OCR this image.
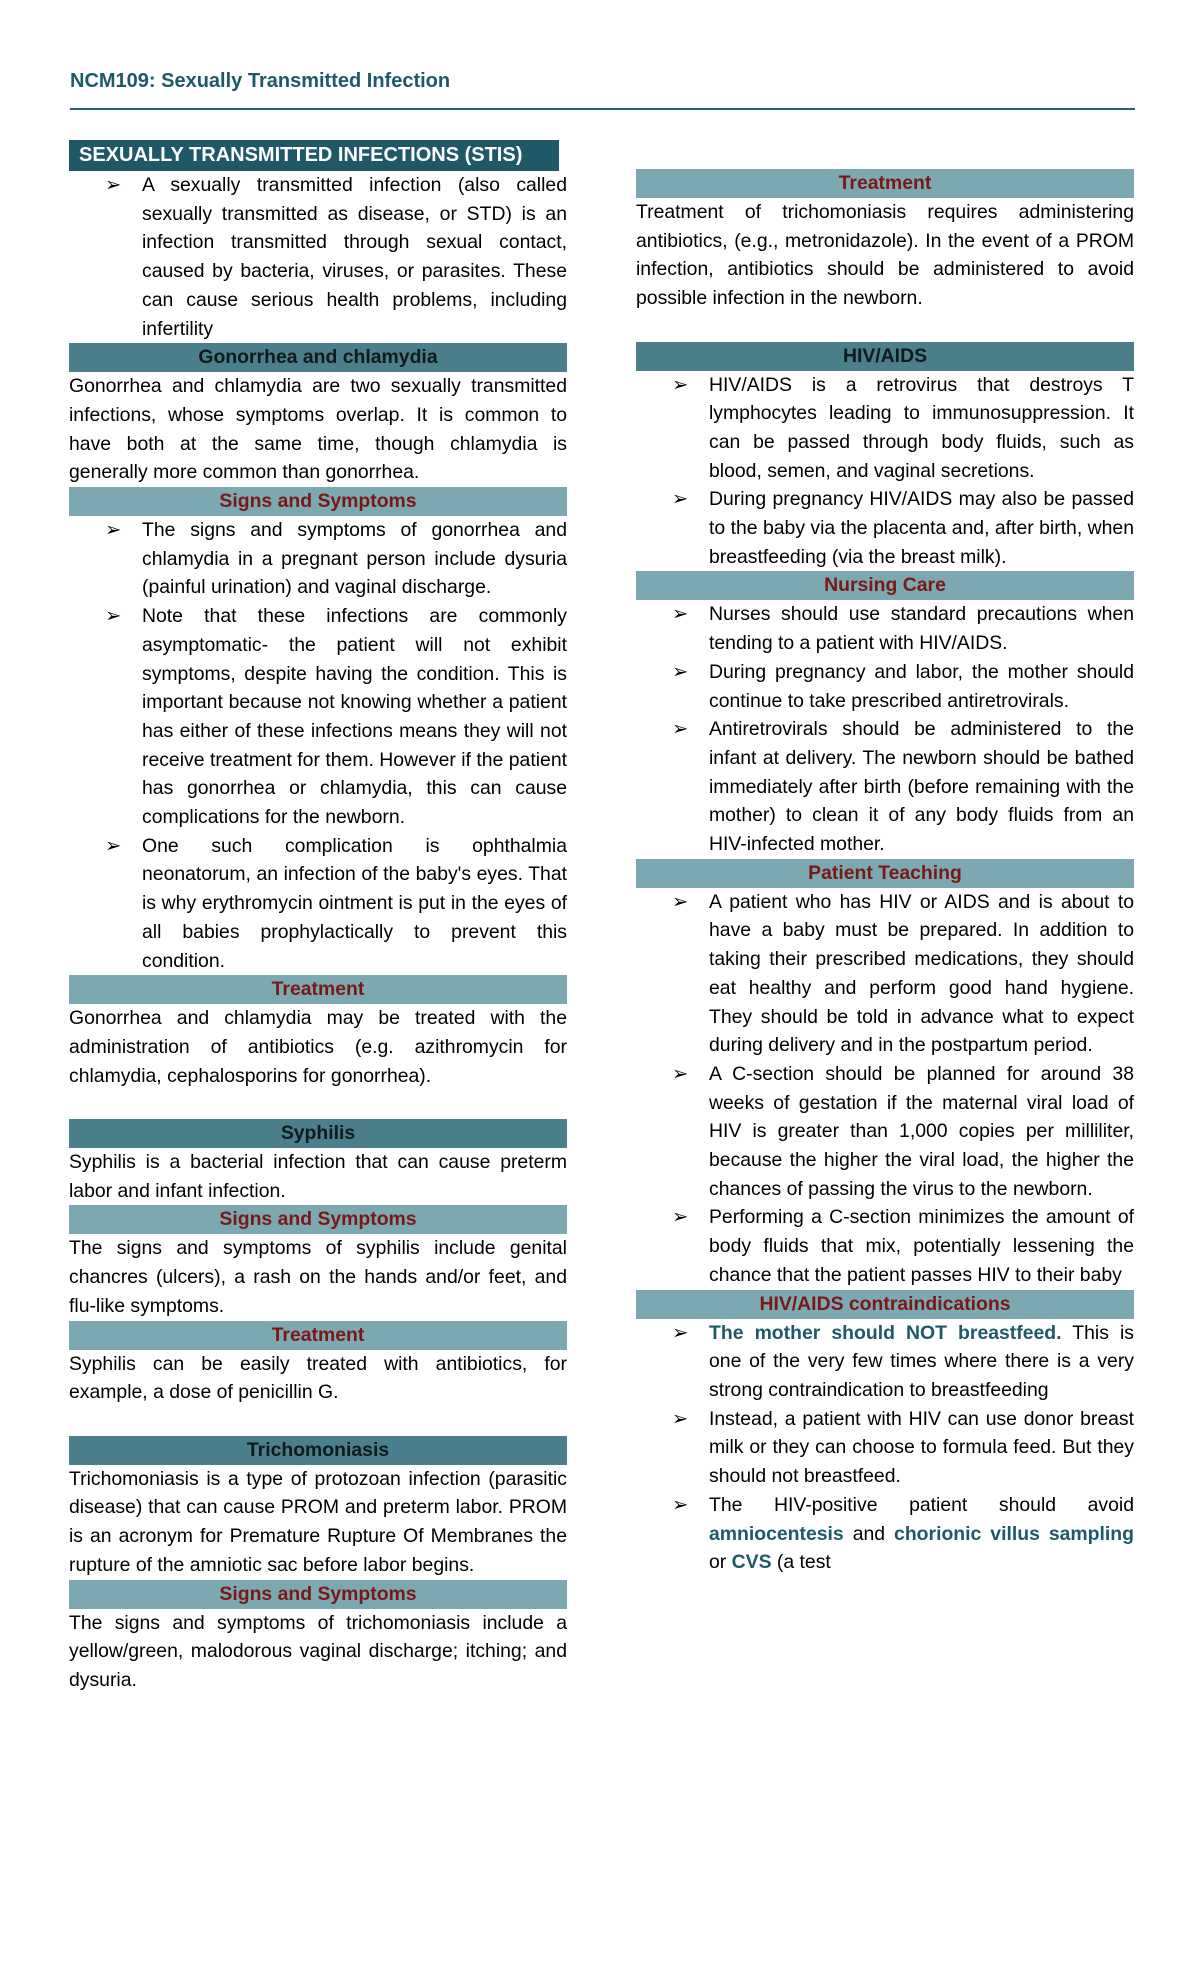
NCM109: Sexually Transmitted Infection
SEXUALLY TRANSMITTED INFECTIONS (STIS)
➢ A sexually transmitted infection (also called sexually transmitted as disease, or STD) is an infection transmitted through sexual contact, caused by bacteria, viruses, or parasites. These can cause serious health problems, including infertility
Gonorrhea and chlamydia

Gonorrhea and chlamydia are two sexually transmitted infections, whose symptoms overlap. It is common to have both at the same time, though chlamydia is generally more common than gonorrhea.

Signs and Symptoms
➢ The signs and symptoms of gonorrhea and chlamydia in a pregnant person include dysuria (painful urination) and vaginal discharge.
➢ Note that these infections are commonly asymptomatic- the patient will not exhibit symptoms, despite having the condition. This is important because not knowing whether a patient has either of these infections means they will not receive treatment for them. However if the patient has gonorrhea or chlamydia, this can cause complications for the newborn.
➢ One such complication is ophthalmia neonatorum, an infection of the baby's eyes. That is why erythromycin ointment is put in the eyes of all babies prophylactically to prevent this condition.
Treatment

Gonorrhea and chlamydia may be treated with the administration of antibiotics (e.g. azithromycin for chlamydia, cephalosporins for gonorrhea).

Syphilis

Syphilis is a bacterial infection that can cause preterm labor and infant infection.

Signs and Symptoms

The signs and symptoms of syphilis include genital chancres (ulcers), a rash on the hands and/or feet, and flu-like symptoms.

Treatment

Syphilis can be easily treated with antibiotics, for example, a dose of penicillin G.

Trichomoniasis

Trichomoniasis is a type of protozoan infection (parasitic disease) that can cause PROM and preterm labor. PROM is an acronym for Premature Rupture Of Membranes the rupture of the amniotic sac before labor begins.

Signs and Symptoms

The signs and symptoms of trichomoniasis include a yellow/green, malodorous vaginal discharge; itching; and dysuria.

Treatment

Treatment of trichomoniasis requires administering antibiotics, (e.g., metronidazole). In the event of a PROM infection, antibiotics should be administered to avoid possible infection in the newborn.

HIV/AIDS
➢ HIV/AIDS is a retrovirus that destroys T lymphocytes leading to immunosuppression. It can be passed through body fluids, such as blood, semen, and vaginal secretions.
➢ During pregnancy HIV/AIDS may also be passed to the baby via the placenta and, after birth, when breastfeeding (via the breast milk).
Nursing Care
➢ Nurses should use standard precautions when tending to a patient with HIV/AIDS.
➢ During pregnancy and labor, the mother should continue to take prescribed antiretrovirals.
➢ Antiretrovirals should be administered to the infant at delivery. The newborn should be bathed immediately after birth (before remaining with the mother) to clean it of any body fluids from an HIV-infected mother.
Patient Teaching
➢ A patient who has HIV or AIDS and is about to have a baby must be prepared. In addition to taking their prescribed medications, they should eat healthy and perform good hand hygiene. They should be told in advance what to expect during delivery and in the postpartum period.
➢ A C-section should be planned for around 38 weeks of gestation if the maternal viral load of HIV is greater than 1,000 copies per milliliter, because the higher the viral load, the higher the chances of passing the virus to the newborn.
➢ Performing a C-section minimizes the amount of body fluids that mix, potentially lessening the chance that the patient passes HIV to their baby
HIV/AIDS contraindications
➢ The mother should NOT breastfeed. This is one of the very few times where there is a very strong contraindication to breastfeeding
➢ Instead, a patient with HIV can use donor breast milk or they can choose to formula feed. But they should not breastfeed.
➢ The HIV-positive patient should avoid amniocentesis and chorionic villus sampling or CVS (a test
